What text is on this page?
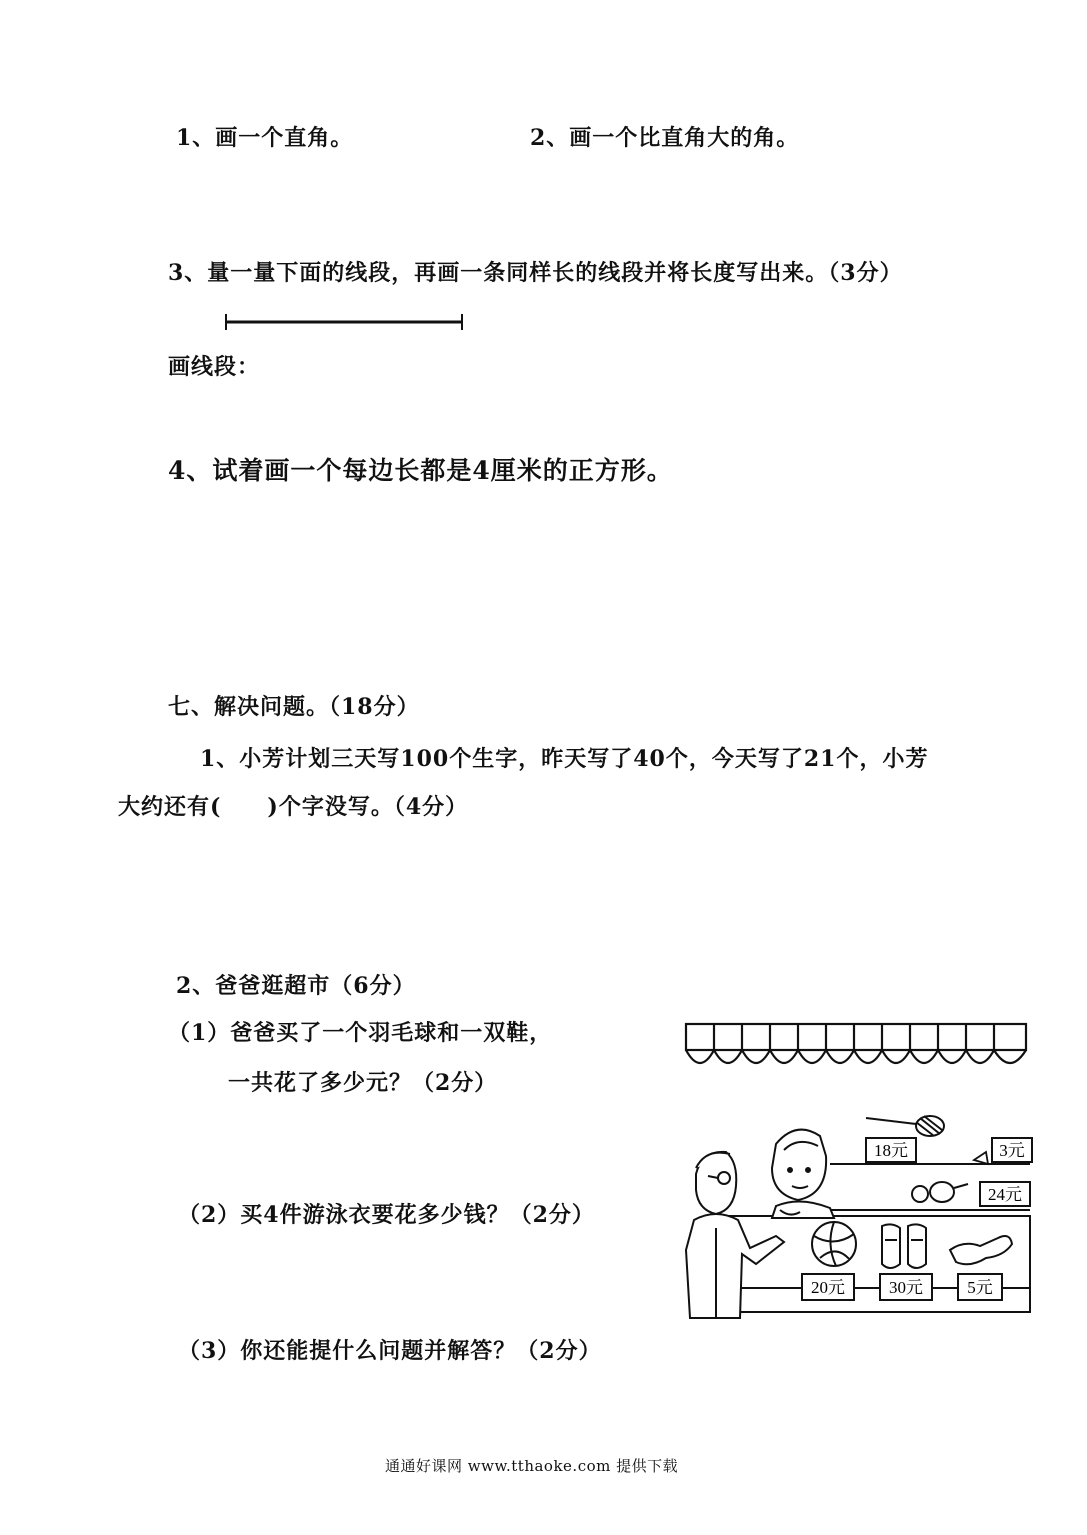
1、画一个直角。	2、画一个比直角大的角。
3、量一量下面的线段，再画一条同样长的线段并将长度写出来。（3分）
画线段：
4、试着画一个每边长都是4厘米的正方形。
七、解决问题。（18分）
1、小芳计划三天写100个生字，昨天写了40个，今天写了21个，小芳
大约还有(　　)个字没写。（4分）
2、爸爸逛超市（6分）
（1）爸爸买了一个羽毛球和一双鞋，
一共花了多少元？（2分）
（2）买4件游泳衣要花多少钱？（2分）
（3）你还能提什么问题并解答？（2分）
18元	3元
24元
20元	30元	5元
通通好课网 www.tthaoke.com 提供下载
